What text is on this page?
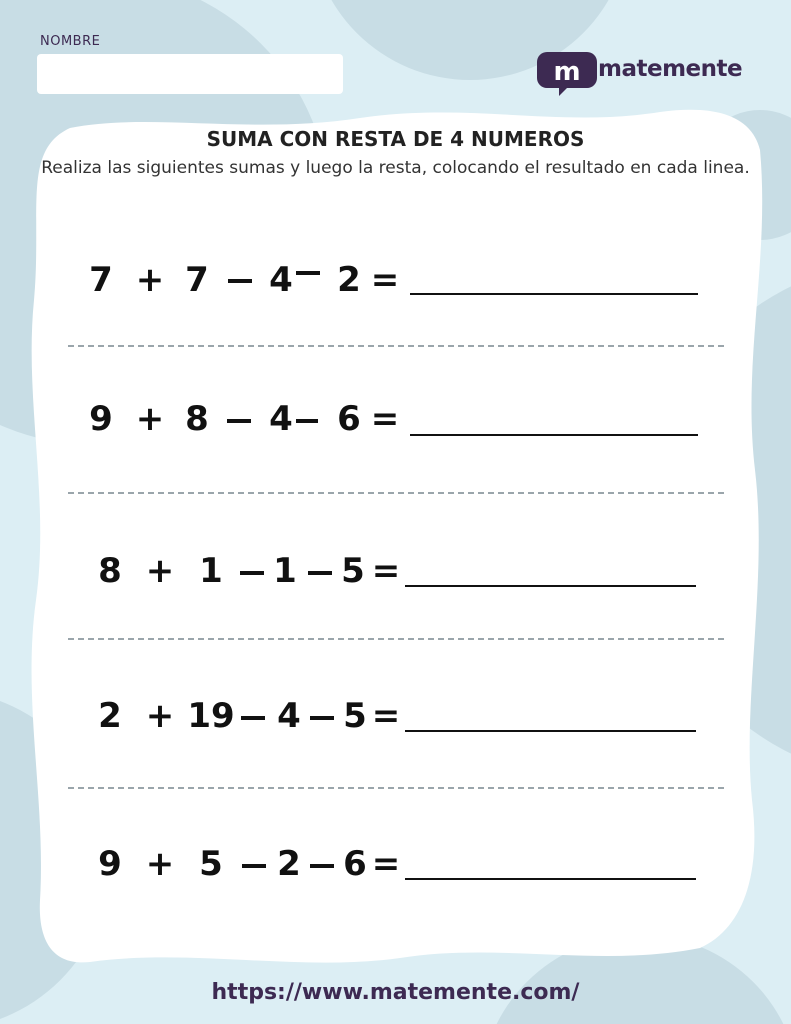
NOMBRE
m matemente
SUMA CON RESTA DE 4 NUMEROS
Realiza las siguientes sumas y luego la resta, colocando el resultado en cada linea.
7 + 7 4 2 =
9 + 8 4 6 =
8 + 1 1 5 =
2 + 19 4 5 =
9 + 5 2 6 =
https://www.matemente.com/
